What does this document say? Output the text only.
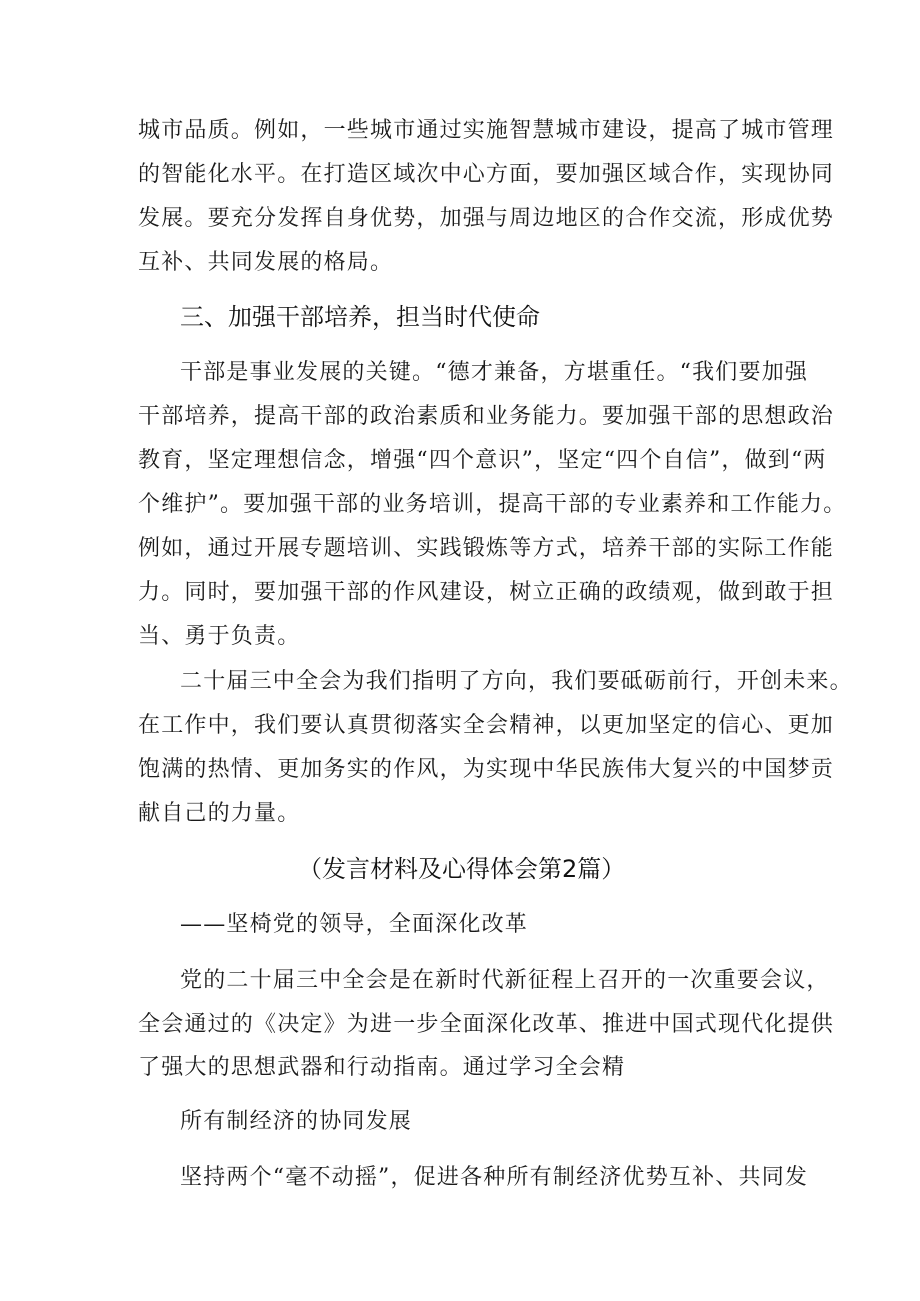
城市品质。例如，一些城市通过实施智慧城市建设，提高了城市管理
的智能化水平。在打造区域次中心方面，要加强区域合作，实现协同
发展。要充分发挥自身优势，加强与周边地区的合作交流，形成优势
互补、共同发展的格局。
三、加强干部培养，担当时代使命
干部是事业发展的关键。“德才兼备，方堪重任。“我们要加强
干部培养，提高干部的政治素质和业务能力。要加强干部的思想政治
教育，坚定理想信念，增强“四个意识”，坚定“四个自信”，做到“两
个维护”。要加强干部的业务培训，提高干部的专业素养和工作能力。
例如，通过开展专题培训、实践锻炼等方式，培养干部的实际工作能
力。同时，要加强干部的作风建设，树立正确的政绩观，做到敢于担
当、勇于负责。
二十届三中全会为我们指明了方向，我们要砥砺前行，开创未来。
在工作中，我们要认真贯彻落实全会精神，以更加坚定的信心、更加
饱满的热情、更加务实的作风，为实现中华民族伟大复兴的中国梦贡
献自己的力量。
（发言材料及心得体会第2篇）
——坚椅党的领导，全面深化改革
党的二十届三中全会是在新时代新征程上召开的一次重要会议，
全会通过的《决定》为进一步全面深化改革、推进中国式现代化提供
了强大的思想武器和行动指南。通过学习全会精
所有制经济的协同发展
坚持两个“毫不动摇”，促进各种所有制经济优势互补、共同发
